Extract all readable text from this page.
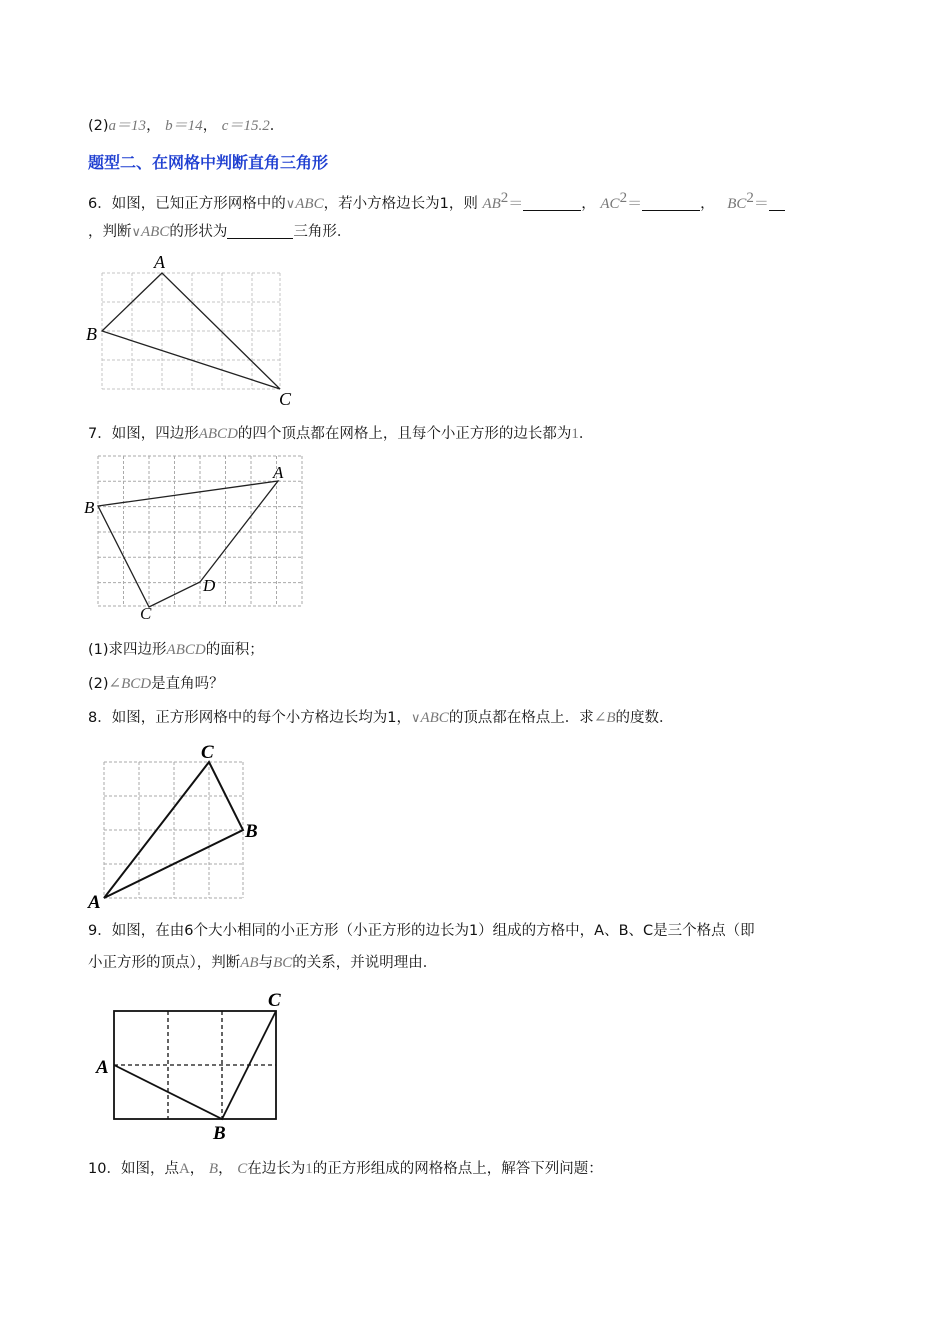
(2)a＝13， b＝14， c＝15.2．
题型二、在网格中判断直角三角形
6．如图，已知正方形网格中的∨ABC，若小方格边长为1，则 $AB^2=$	， $AC^2=$	， $BC^2=$
，判断∨ABC的形状为	三角形．
A
B
C
7．如图，四边形ABCD的四个顶点都在网格上，且每个小正方形的边长都为1．
A
B
D
C
(1)求四边形ABCD的面积；
(2)∠BCD是直角吗？
8．如图，正方形网格中的每个小方格边长均为1，∨ABC的顶点都在格点上．求∠B的度数．
C
B
A
9．如图，在由6个大小相同的小正方形（小正方形的边长为1）组成的方格中，A、B、C是三个格点（即
小正方形的顶点），判断AB与BC的关系，并说明理由．
C
A
B
10．如图，点A， B， C在边长为1的正方形组成的网格格点上，解答下列问题：
